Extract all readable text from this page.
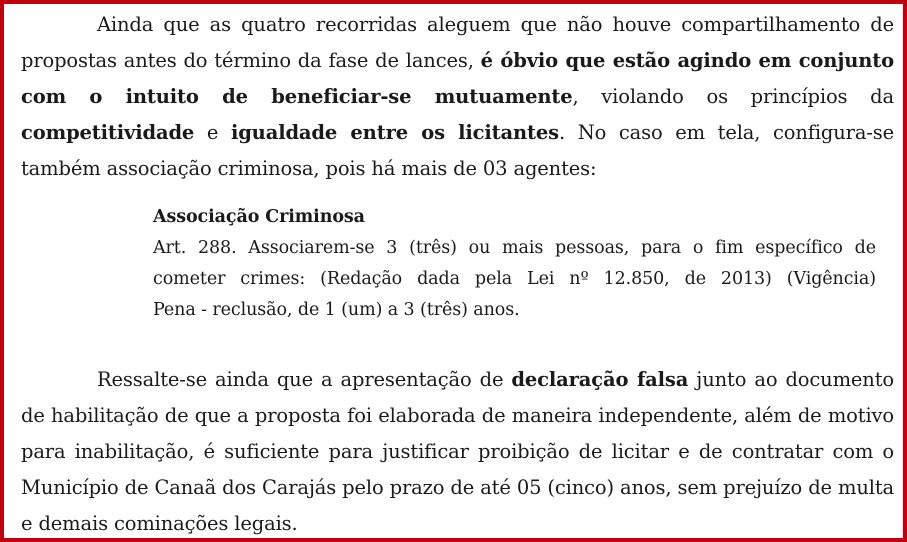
Ainda que as quatro recorridas aleguem que não houve compartilhamento de propostas antes do término da fase de lances, é óbvio que estão agindo em conjunto com o intuito de beneficiar-se mutuamente, violando os princípios da competitividade e igualdade entre os licitantes. No caso em tela, configura-se também associação criminosa, pois há mais de 03 agentes:

Associação Criminosa
Art. 288. Associarem-se 3 (três) ou mais pessoas, para o fim específico de
cometer crimes: (Redação dada pela Lei nº 12.850, de 2013) (Vigência)
Pena - reclusão, de 1 (um) a 3 (três) anos.

Ressalte-se ainda que a apresentação de declaração falsa junto ao documento de habilitação de que a proposta foi elaborada de maneira independente, além de motivo para inabilitação, é suficiente para justificar proibição de licitar e de contratar com o Município de Canaã dos Carajás pelo prazo de até 05 (cinco) anos, sem prejuízo de multa e demais cominações legais.
